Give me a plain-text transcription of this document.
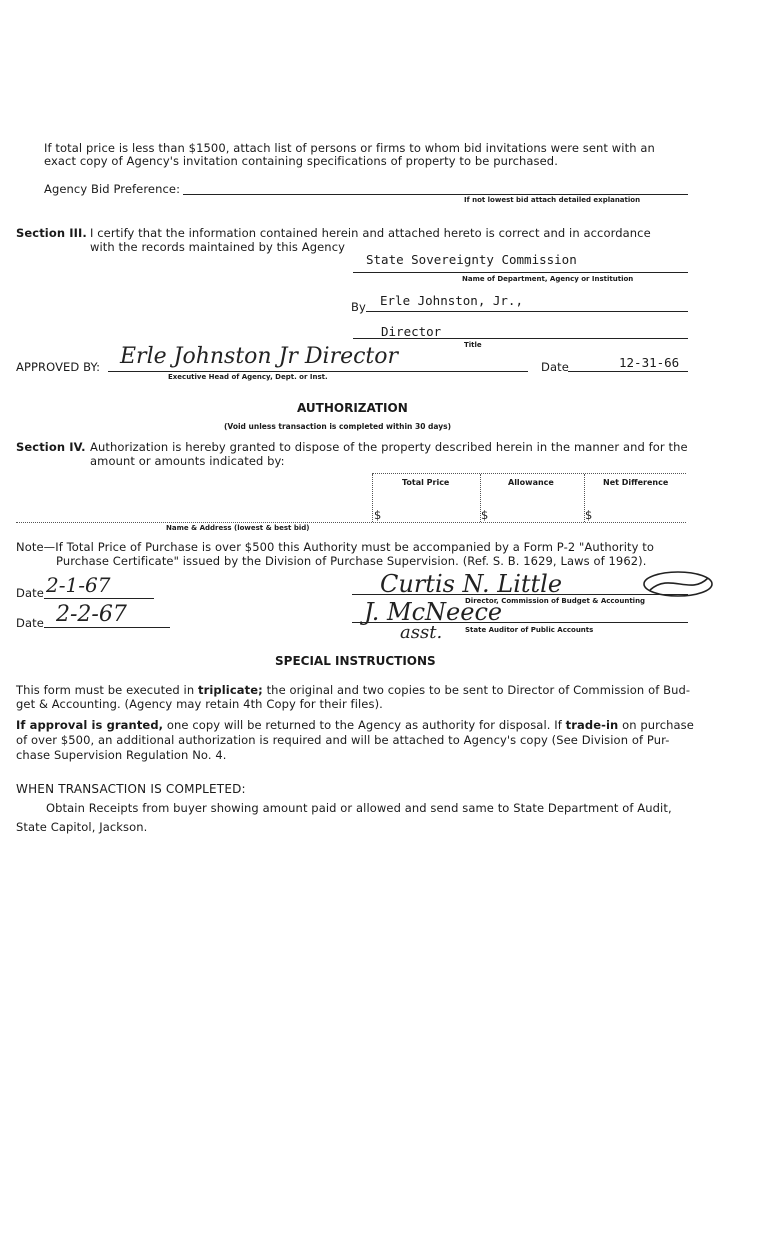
If total price is less than $1500, attach list of persons or firms to whom bid invitations were sent with an
exact copy of Agency's invitation containing specifications of property to be purchased.
Agency Bid Preference:
If not lowest bid attach detailed explanation
Section III. I certify that the information contained herein and attached hereto is correct and in accordance
with the records maintained by this Agency
State Sovereignty Commission
Name of Department, Agency or Institution
By Erle Johnston, Jr.,
Director
Title
APPROVED BY: Erle Johnston Jr Director
Executive Head of Agency, Dept. or Inst.
Date	12-31-66
AUTHORIZATION
(Void unless transaction is completed within 30 days)
Section IV. Authorization is hereby granted to dispose of the property described herein in the manner and for the
amount or amounts indicated by:
Total Price	Allowance	Net Difference
$	$	$
Name & Address (lowest & best bid)
Note—If Total Price of Purchase is over $500 this Authority must be accompanied by a Form P-2 "Authority to
Purchase Certificate" issued by the Division of Purchase Supervision. (Ref. S. B. 1629, Laws of 1962).
Date 2-1-67
Date 2-2-67
Curtis N. Little
Director, Commission of Budget & Accounting
J. McNeece
asst.	State Auditor of Public Accounts
SPECIAL INSTRUCTIONS
This form must be executed in triplicate; the original and two copies to be sent to Director of Commission of Bud-
get & Accounting. (Agency may retain 4th Copy for their files).
If approval is granted, one copy will be returned to the Agency as authority for disposal. If trade-in on purchase
of over $500, an additional authorization is required and will be attached to Agency's copy (See Division of Pur-
chase Supervision Regulation No. 4.
WHEN TRANSACTION IS COMPLETED:
Obtain Receipts from buyer showing amount paid or allowed and send same to State Department of Audit,
State Capitol, Jackson.
